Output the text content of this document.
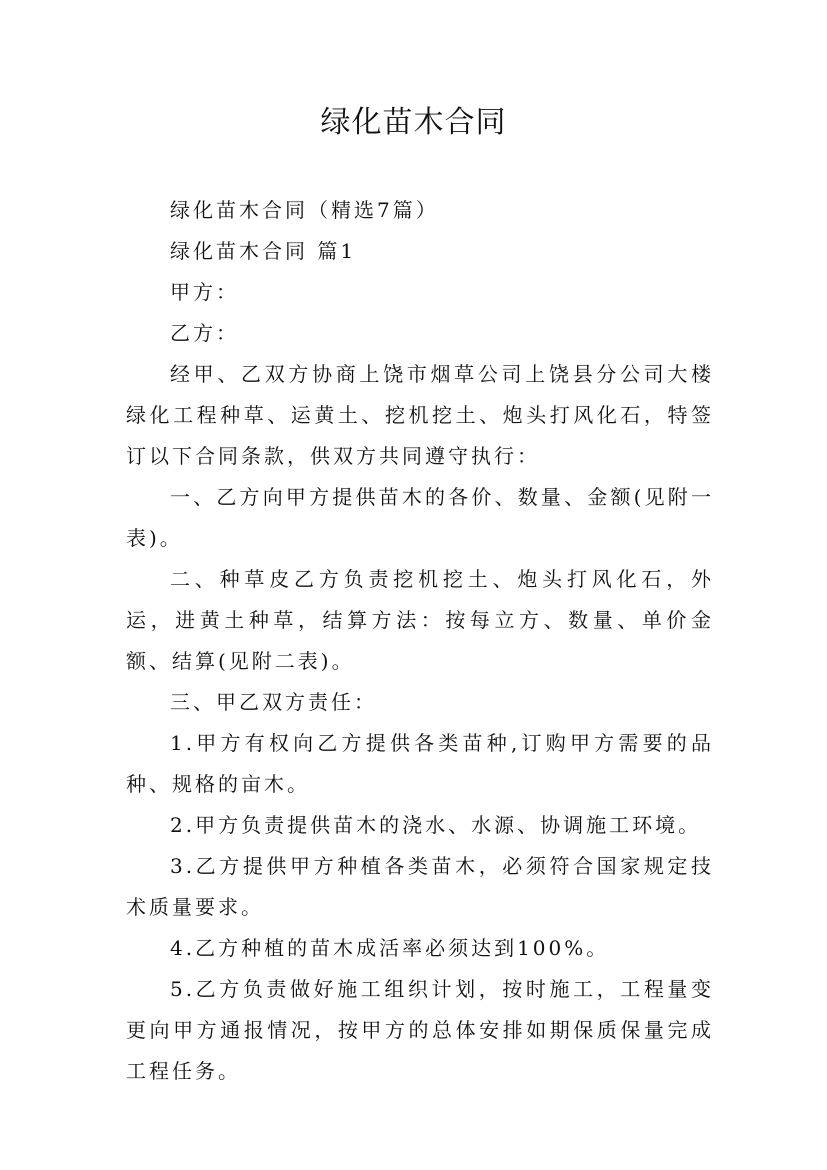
绿化苗木合同

绿化苗木合同（精选7篇）

绿化苗木合同 篇1

甲方：

乙方：

经甲、乙双方协商上饶市烟草公司上饶县分公司大楼绿化工程种草、运黄土、挖机挖土、炮头打风化石，特签订以下合同条款，供双方共同遵守执行：

一、乙方向甲方提供苗木的各价、数量、金额(见附一表)。

二、种草皮乙方负责挖机挖土、炮头打风化石，外运，进黄土种草，结算方法：按每立方、数量、单价金额、结算(见附二表)。

三、甲乙双方责任：

1.甲方有权向乙方提供各类苗种,订购甲方需要的品种、规格的亩木。

2.甲方负责提供苗木的浇水、水源、协调施工环境。

3.乙方提供甲方种植各类苗木，必须符合国家规定技术质量要求。

4.乙方种植的苗木成活率必须达到100%。

5.乙方负责做好施工组织计划，按时施工，工程量变更向甲方通报情况，按甲方的总体安排如期保质保量完成工程任务。
